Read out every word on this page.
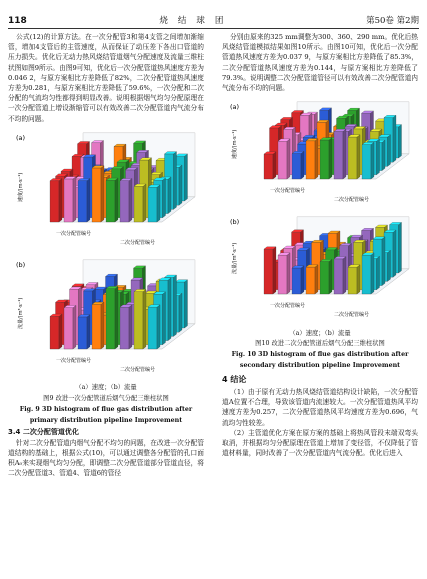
118	烧结球团	第50卷 第2期

公式(12)的计算方法。在一次分配管3和第4支管之间增加渐缩管，增加4支管后的主管速度，从而保证了动压差下各出口管道的压力损失。优化后无动力热风烧结管道烟气分配速度及流量三维柱状图如图9所示。由图9可知，优化后一次分配管道热风速度方差为0.046 2，与原方案相比方差降低了82%，二次分配管道热风速度方差为0.281，与原方案相比方差降低了59.6%，一次分配和二次分配的气流均匀性都得到明显改善。说明根据烟气均匀分配原理在一次分配管道上增设渐缩管可以有效改善二次分配管道内气流分布不均的问题。

(a)
速度/(m·s⁻¹)
一次分配管编号
二次分配管编号

(b)
流量/(m³·s⁻¹)
一次分配管编号
二次分配管编号
（a）速度；（b）流量
图9 改进一次分配管道后烟气分配三维柱状图
Fig. 9 3D histogram of flue gas distribution after
primary distribution pipeline Improvement
3.4 二次分配管道优化

针对二次分配管道内烟气分配不均匀的问题，在改进一次分配管道结构的基础上，根据公式(10)，可以通过调整各分配管的孔口面积A₀来实现烟气均匀分配，即调整二次分配管道部分管道直径，将二次分配管道3、管道4、管道6的管径

分别由原来的325 mm调整为300、360、290 mm。优化后热风烧结管道模拟结果如图10所示。由图10可知，优化后一次分配管道热风速度方差为0.037 9，与原方案相比方差降低了85.3%，二次分配管道热风速度方差为0.144，与原方案相比方差降低了79.3%。说明调整二次分配管道管径可以有效改善二次分配管道内气流分布不均的问题。

(a)
速度/(m·s⁻¹)
一次分配管编号
二次分配管编号

(b)
流量/(m³·s⁻¹)
一次分配管编号
二次分配管编号
（a）速度；（b）流量
图10 改进二次分配管道后烟气分配三维柱状图
Fig. 10 3D histogram of flue gas distribution after
secondary distribution pipeline Improvement
4 结论

（1）由于原有无动力热风烧结管道结构设计缺陷，一次分配管道A位置不合理，导致该管道内流速较大。一次分配管道热风平均速度方差为0.257，二次分配管道热风平均速度方差为0.696，气流均匀性较差。

（2）主管道优化方案在原方案的基础上将热风管段末端双弯头取消，并根据均匀分配原理在管道上增加了变径管，不仅降低了管道材料量，同时改善了一次分配管道内气流分配。优化后进入
